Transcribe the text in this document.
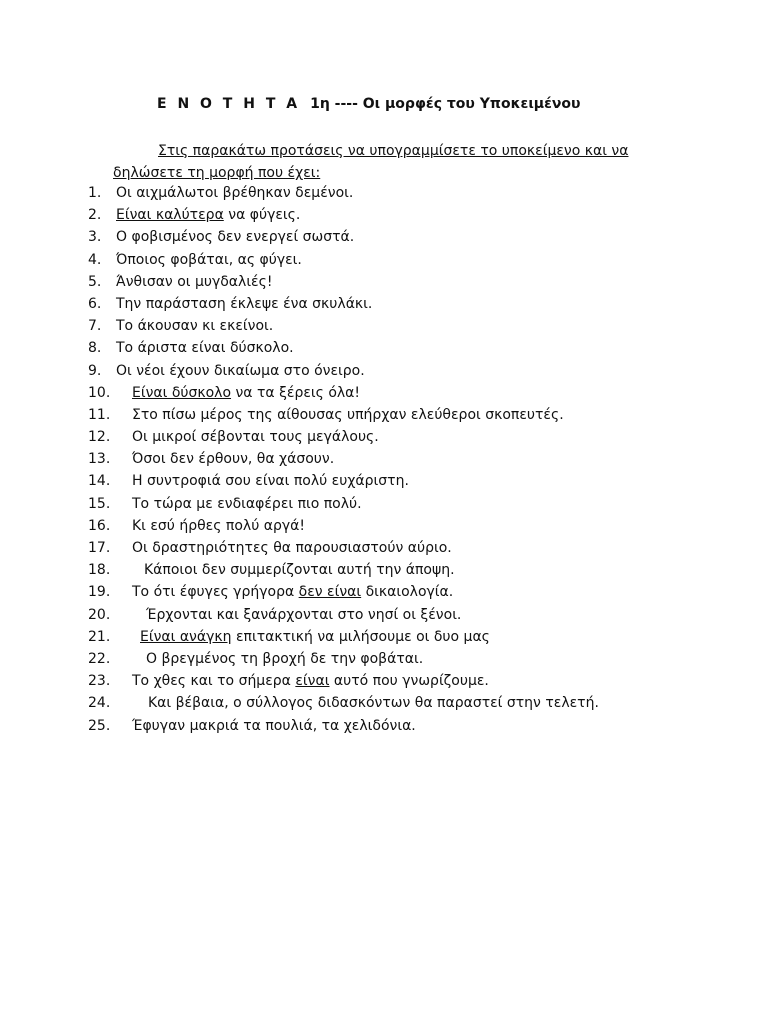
Ε Ν Ο Τ Η Τ Α 1η ---- Οι μορφές του Υποκειμένου
Στις παρακάτω προτάσεις να υπογραμμίσετε το υποκείμενο και να δηλώσετε τη μορφή που έχει:
1.	Οι αιχμάλωτοι βρέθηκαν δεμένοι.
2.	Είναι καλύτερα να φύγεις.
3.	Ο φοβισμένος δεν ενεργεί σωστά.
4.	Όποιος φοβάται, ας φύγει.
5.	Άνθισαν οι μυγδαλιές!
6.	Την παράσταση έκλεψε ένα σκυλάκι.
7.	Το άκουσαν κι εκείνοι.
8.	Το άριστα είναι δύσκολο.
9.	Οι νέοι έχουν δικαίωμα στο όνειρο.
10.	Είναι δύσκολο να τα ξέρεις όλα!
11.	Στο πίσω μέρος της αίθουσας υπήρχαν ελεύθεροι σκοπευτές.
12.	Οι μικροί σέβονται τους μεγάλους.
13.	Όσοι δεν έρθουν, θα χάσουν.
14.	Η συντροφιά σου είναι πολύ ευχάριστη.
15.	Το τώρα με ενδιαφέρει πιο πολύ.
16.	Κι εσύ ήρθες πολύ αργά!
17.	Οι δραστηριότητες θα παρουσιαστούν αύριο.
18.	Κάποιοι δεν συμμερίζονται αυτή την άποψη.
19.	Το ότι έφυγες γρήγορα δεν είναι δικαιολογία.
20.	Έρχονται και ξανάρχονται στο νησί οι ξένοι.
21.	Είναι ανάγκη επιτακτική να μιλήσουμε οι δυο μας
22.	Ο βρεγμένος τη βροχή δε την φοβάται.
23.	Το χθες και το σήμερα είναι αυτό που γνωρίζουμε.
24.	Και βέβαια, ο σύλλογος διδασκόντων θα παραστεί στην τελετή.
25.	Έφυγαν μακριά τα πουλιά, τα χελιδόνια.
